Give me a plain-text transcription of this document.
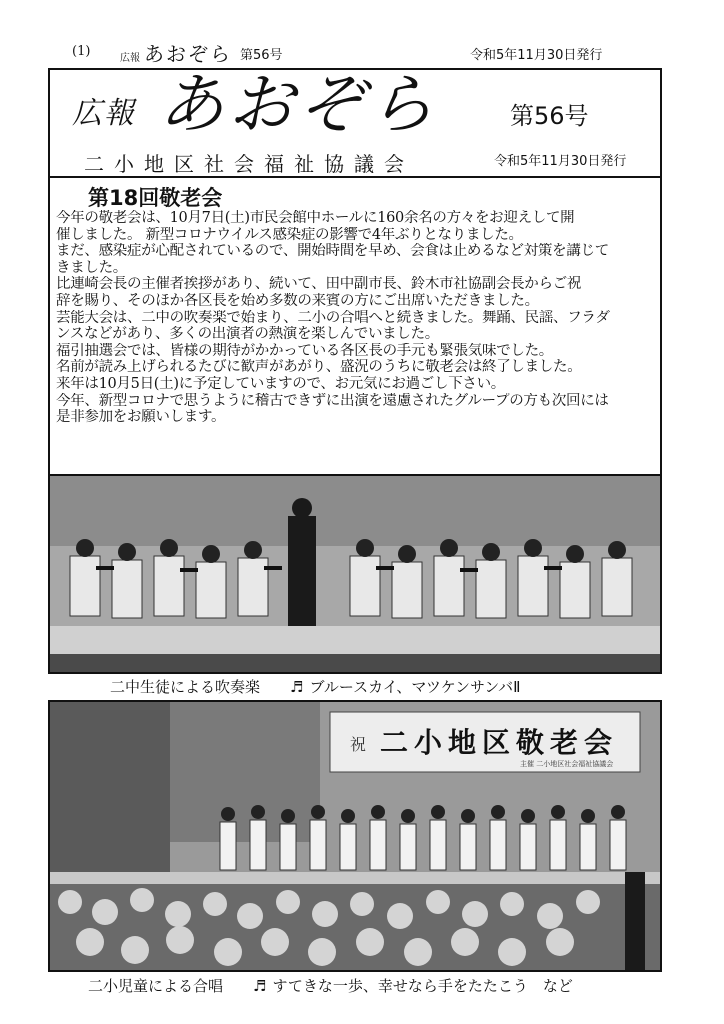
(1)	広報 あおぞら 第56号	令和5年11月30日発行
広報 あおぞら	第56号
二小地区社会福祉協議会	令和5年11月30日発行
第18回敬老会

今年の敬老会は、10月7日(土)市民会館中ホールに160余名の方々をお迎えして開

催しました。 新型コロナウイルス感染症の影響で4年ぶりとなりました。

まだ、感染症が心配されているので、開始時間を早め、会食は止めるなど対策を講じて

きました。

比連崎会長の主催者挨拶があり、続いて、田中副市長、鈴木市社協副会長からご祝

辞を賜り、そのほか各区長を始め多数の来賓の方にご出席いただきました。

芸能大会は、二中の吹奏楽で始まり、二小の合唱へと続きました。舞踊、民謡、フラダ

ンスなどがあり、多くの出演者の熱演を楽しんでいました。

福引抽選会では、皆様の期待がかかっている各区長の手元も緊張気味でした。

名前が読み上げられるたびに歓声があがり、盛況のうちに敬老会は終了しました。

来年は10月5日(土)に予定していますので、お元気にお過ごし下さい。

今年、新型コロナで思うように稽古できずに出演を遠慮されたグループの方も次回には

是非参加をお願いします。

二中生徒による吹奏楽 ♬ ブルースカイ、マツケンサンバⅡ
祝 二小地区敬老会
主催 二小地区社会福祉協議会
二小児童による合唱 ♬ すてきな一歩、幸せなら手をたたこう　など
